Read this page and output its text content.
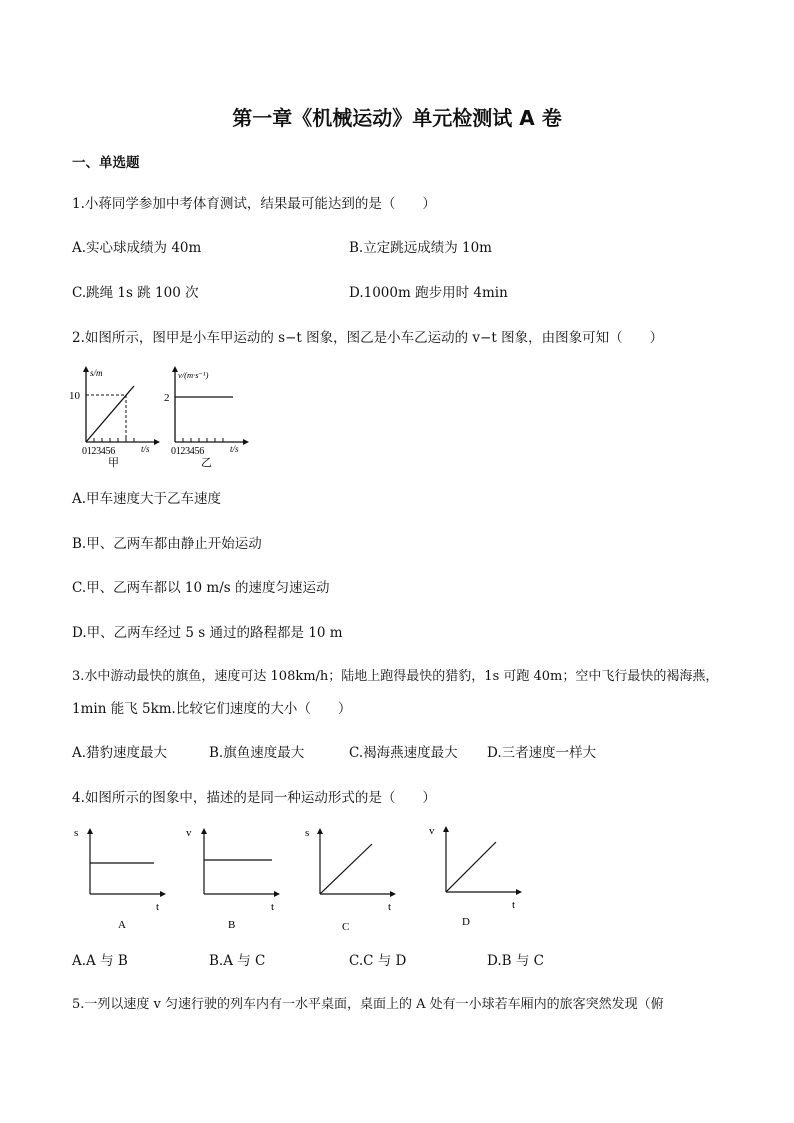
第一章《机械运动》单元检测试 A 卷
一、单选题
1.小蒋同学参加中考体育测试，结果最可能达到的是（　　）
A.实心球成绩为 40m	B.立定跳远成绩为 10m
C.跳绳 1s 跳 100 次	D.1000m 跑步用时 4min
2.如图所示，图甲是小车甲运动的 s−t 图象，图乙是小车乙运动的 v−t 图象，由图象可知（　　）
s/m
10
0 1 2 3 4 5 6	t/s
甲
v/(m·s⁻¹)
2
0 1 2 3 4 5 6	t/s
乙
A.甲车速度大于乙车速度
B.甲、乙两车都由静止开始运动
C.甲、乙两车都以 10 m/s 的速度匀速运动
D.甲、乙两车经过 5 s 通过的路程都是 10 m
3.水中游动最快的旗鱼，速度可达 108km/h；陆地上跑得最快的猎豹，1s 可跑 40m；空中飞行最快的褐海燕，
1min 能飞 5km.比较它们速度的大小（　　）
A.猎豹速度最大	B.旗鱼速度最大	C.褐海燕速度最大 D.三者速度一样大
4.如图所示的图象中，描述的是同一种运动形式的是（　　）
s
t
A
v
t
B
s
t
C
v
t
D
A.A 与 B	B.A 与 C	C.C 与 D	D.B 与 C
5.一列以速度 v 匀速行驶的列车内有一水平桌面，桌面上的 A 处有一小球若车厢内的旅客突然发现（俯
